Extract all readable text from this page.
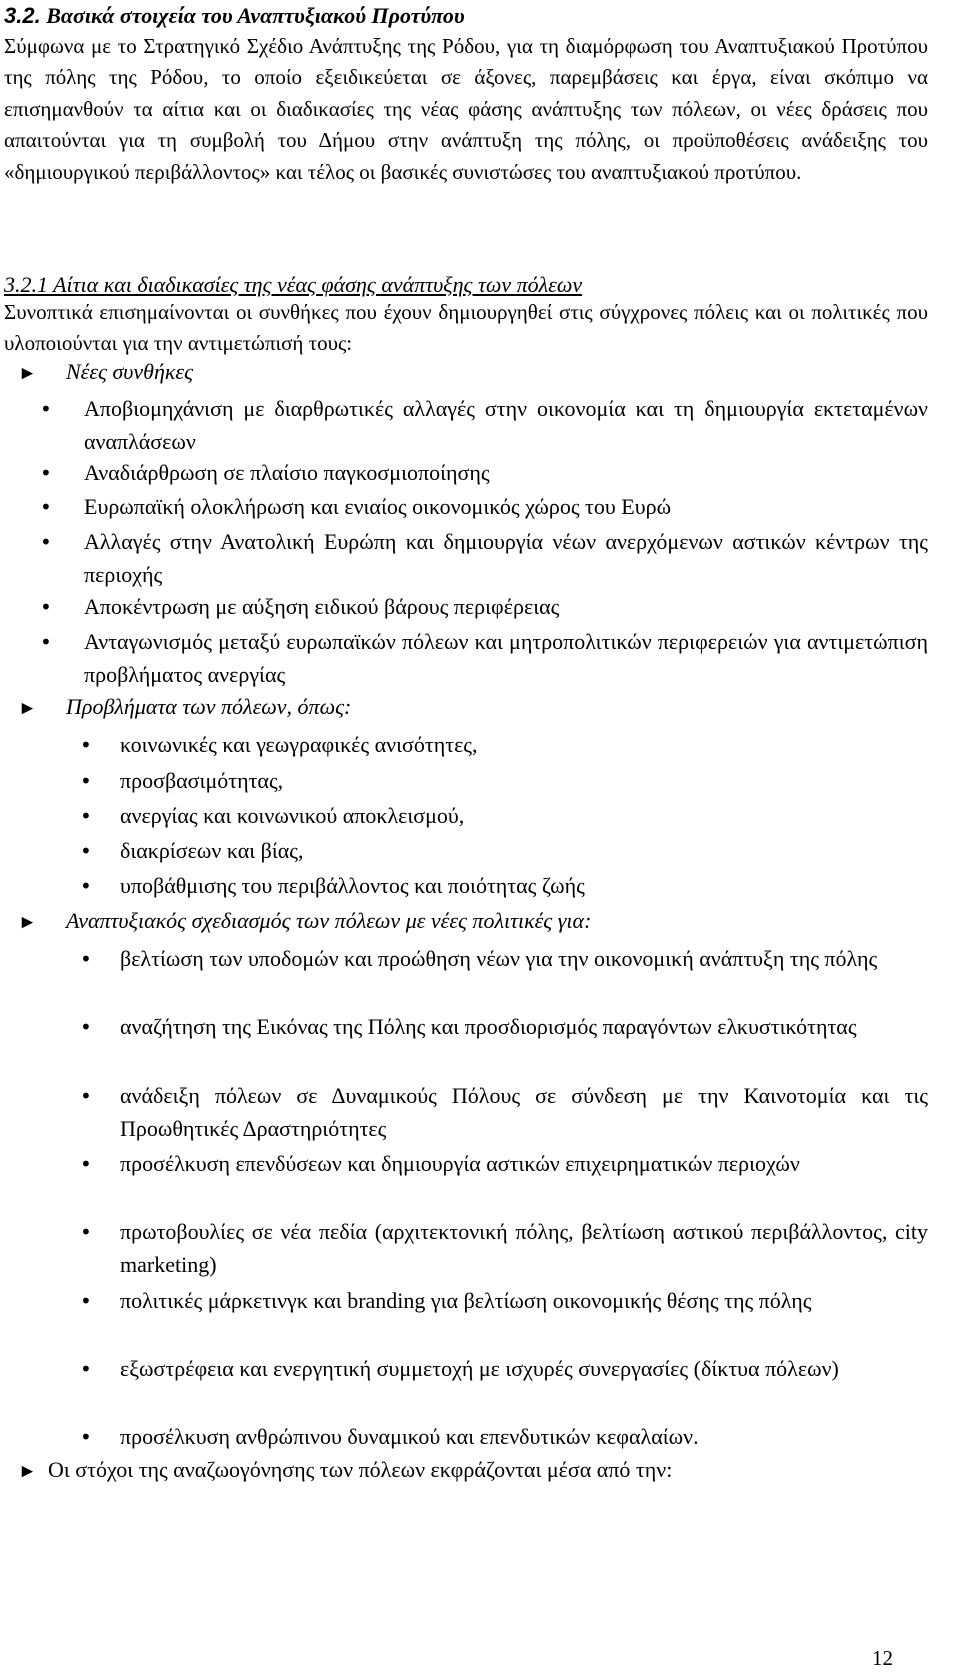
3.2. Βασικά στοιχεία του Αναπτυξιακού Προτύπου
Σύμφωνα με το Στρατηγικό Σχέδιο Ανάπτυξης της Ρόδου, για τη διαμόρφωση του Αναπτυξιακού Προτύπου της πόλης της Ρόδου, το οποίο εξειδικεύεται σε άξονες, παρεμβάσεις και έργα, είναι σκόπιμο να επισημανθούν τα αίτια και οι διαδικασίες της νέας φάσης ανάπτυξης των πόλεων, οι νέες δράσεις που απαιτούνται για τη συμβολή του Δήμου στην ανάπτυξη της πόλης, οι προϋποθέσεις ανάδειξης του «δημιουργικού περιβάλλοντος» και τέλος οι βασικές συνιστώσες του αναπτυξιακού προτύπου.
3.2.1 Αίτια και διαδικασίες της νέας φάσης ανάπτυξης των πόλεων
Συνοπτικά επισημαίνονται οι συνθήκες που έχουν δημιουργηθεί στις σύγχρονες πόλεις και οι πολιτικές που υλοποιούνται για την αντιμετώπισή τους:
► Νέες συνθήκες
• Αποβιομηχάνιση με διαρθρωτικές αλλαγές στην οικονομία και τη δημιουργία εκτεταμένων αναπλάσεων
• Αναδιάρθρωση σε πλαίσιο παγκοσμιοποίησης
• Ευρωπαϊκή ολοκλήρωση και ενιαίος οικονομικός χώρος του Ευρώ
• Αλλαγές στην Ανατολική Ευρώπη και δημιουργία νέων ανερχόμενων αστικών κέντρων της περιοχής
• Αποκέντρωση με αύξηση ειδικού βάρους περιφέρειας
• Ανταγωνισμός μεταξύ ευρωπαϊκών πόλεων και μητροπολιτικών περιφερειών για αντιμετώπιση προβλήματος ανεργίας
► Προβλήματα των πόλεων, όπως:
• κοινωνικές και γεωγραφικές ανισότητες,
• προσβασιμότητας,
• ανεργίας και κοινωνικού αποκλεισμού,
• διακρίσεων και βίας,
• υποβάθμισης του περιβάλλοντος και ποιότητας ζωής
► Αναπτυξιακός σχεδιασμός των πόλεων με νέες πολιτικές για:
• βελτίωση των υποδομών και προώθηση νέων για την οικονομική ανάπτυξη της πόλης
• αναζήτηση της Εικόνας της Πόλης και προσδιορισμός παραγόντων ελκυστικότητας
• ανάδειξη πόλεων σε Δυναμικούς Πόλους σε σύνδεση με την Καινοτομία και τις Προωθητικές Δραστηριότητες
• προσέλκυση επενδύσεων και δημιουργία αστικών επιχειρηματικών περιοχών
• πρωτοβουλίες σε νέα πεδία (αρχιτεκτονική πόλης, βελτίωση αστικού περιβάλλοντος, city marketing)
• πολιτικές μάρκετινγκ και branding για βελτίωση οικονομικής θέσης της πόλης
• εξωστρέφεια και ενεργητική συμμετοχή με ισχυρές συνεργασίες (δίκτυα πόλεων)
• προσέλκυση ανθρώπινου δυναμικού και επενδυτικών κεφαλαίων.
► Οι στόχοι της αναζωογόνησης των πόλεων εκφράζονται μέσα από την:
12
